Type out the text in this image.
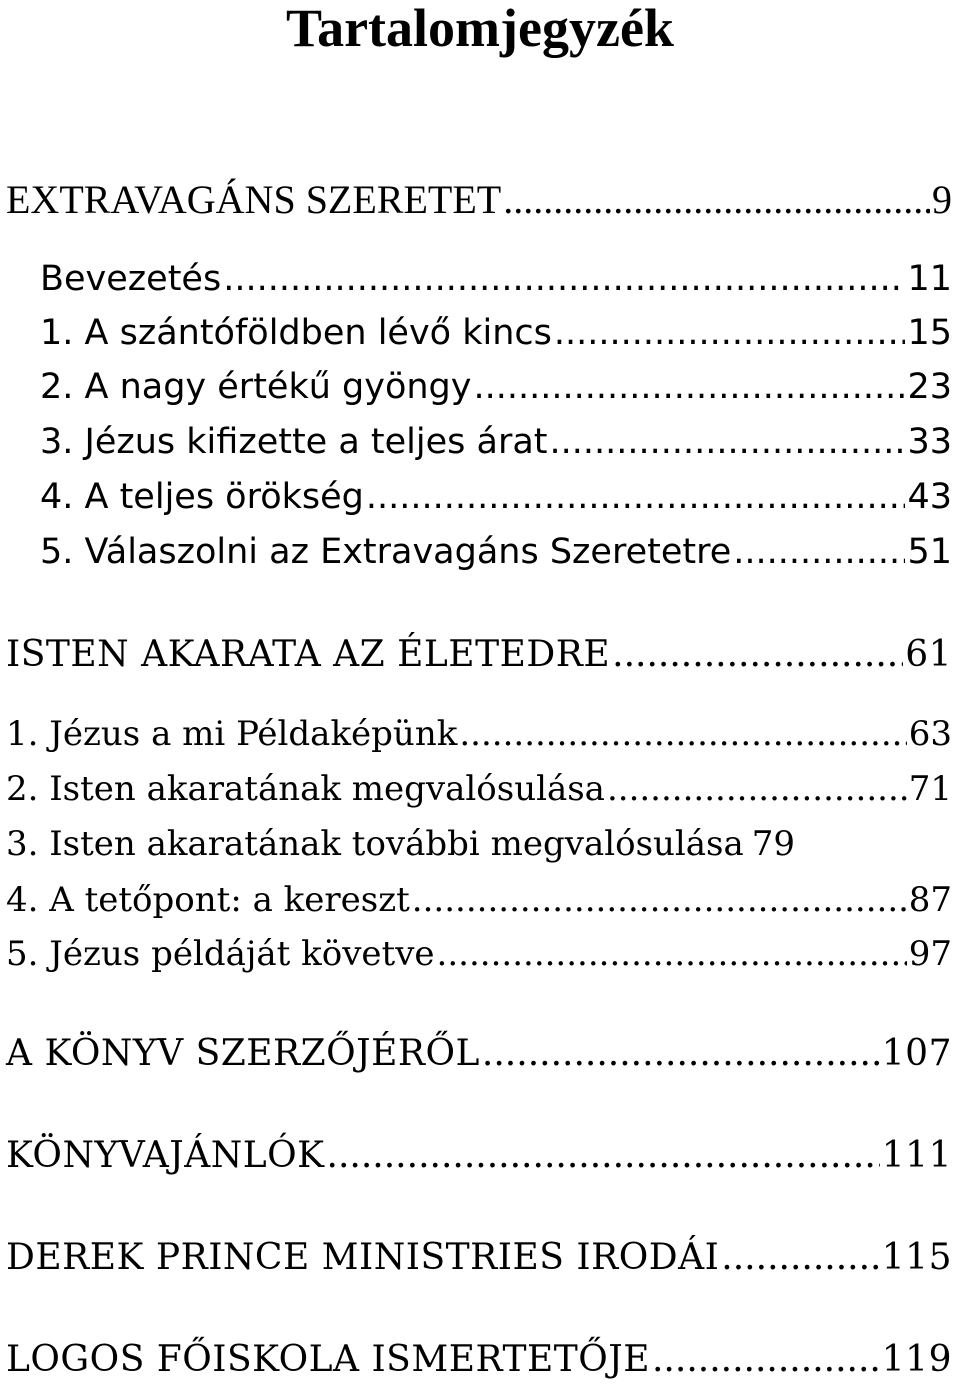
Tartalomjegyzék
EXTRAVAGÁNS SZERETET .....	9
Bevezetés .....	11
1. A szántóföldben lévő kincs .....	15
2. A nagy értékű gyöngy .....	23
3. Jézus kifizette a teljes árat .....	33
4. A teljes örökség .....	43
5. Válaszolni az Extravagáns Szeretetre .....	51
ISTEN AKARATA AZ ÉLETEDRE .....	61
1. Jézus a mi Példaképünk .....	63
2. Isten akaratának megvalósulása .....	71
3. Isten akaratának további megvalósulása 79
4. A tetőpont: a kereszt .....	87
5. Jézus példáját követve .....	97
A KÖNYV SZERZŐJÉRŐL .....	107
KÖNYVAJÁNLÓK .....	111
DEREK PRINCE MINISTRIES IRODÁI .....	115
LOGOS FŐISKOLA ISMERTETŐJE .....	119
